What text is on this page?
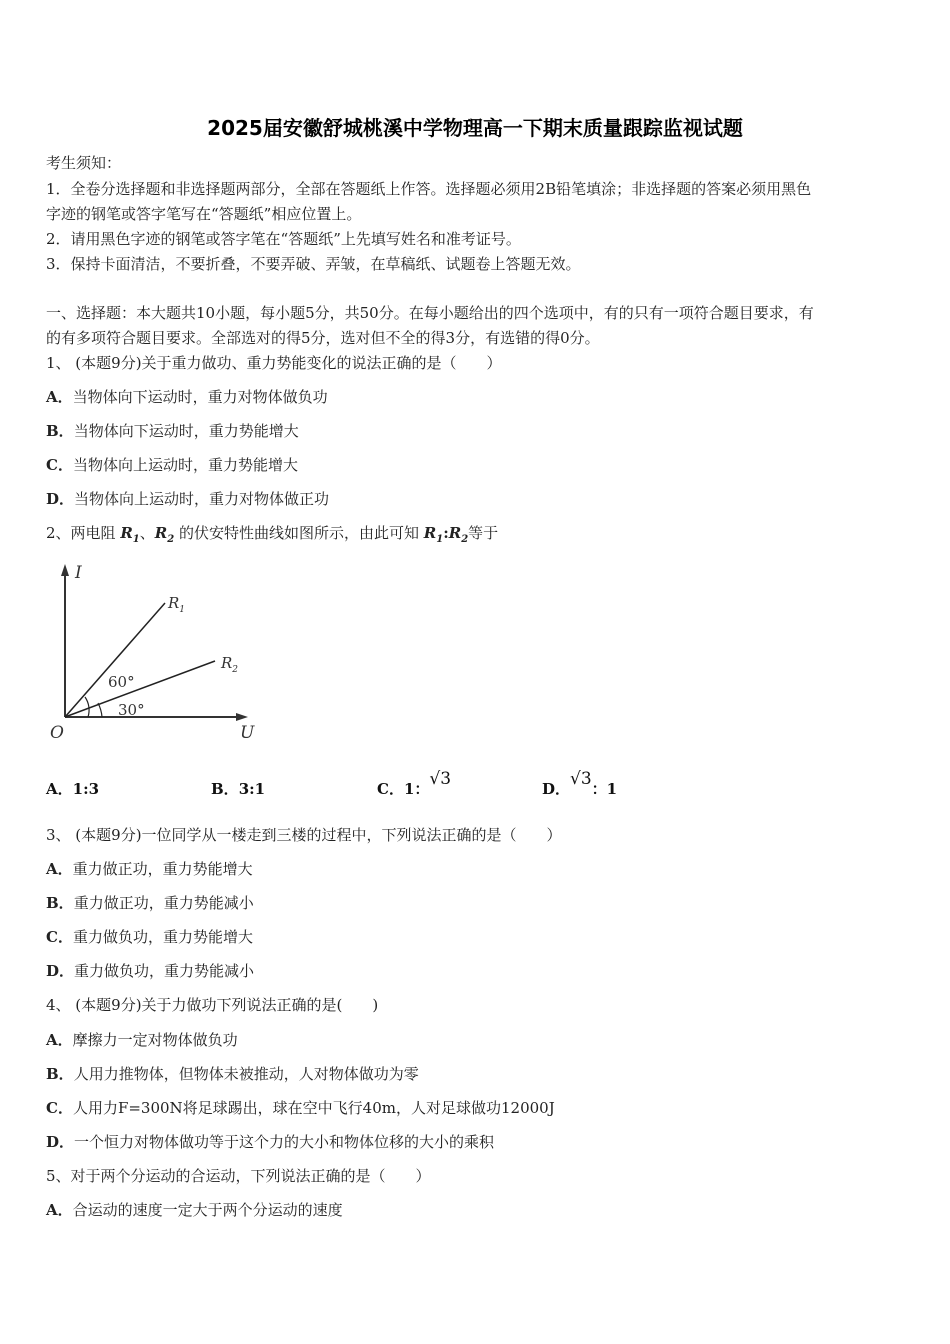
2025届安徽舒城桃溪中学物理高一下期末质量跟踪监视试题
考生须知：
1．全卷分选择题和非选择题两部分，全部在答题纸上作答。选择题必须用2B铅笔填涂；非选择题的答案必须用黑色
字迹的钢笔或答字笔写在“答题纸”相应位置上。
2．请用黑色字迹的钢笔或答字笔在“答题纸”上先填写姓名和准考证号。
3．保持卡面清洁，不要折叠，不要弄破、弄皱，在草稿纸、试题卷上答题无效。
一、选择题：本大题共10小题，每小题5分，共50分。在每小题给出的四个选项中，有的只有一项符合题目要求，有
的有多项符合题目要求。全部选对的得5分，选对但不全的得3分，有选错的得0分。
1、 (本题9分)关于重力做功、重力势能变化的说法正确的是（　　）
A．当物体向下运动时，重力对物体做负功
B．当物体向下运动时，重力势能增大
C．当物体向上运动时，重力势能增大
D．当物体向上运动时，重力对物体做正功
2、两电阻 $R_1$、$R_2$ 的伏安特性曲线如图所示，由此可知 $R_1:R_2$等于
I
U
O
$R_1$
$R_2$
60°
30°
A．1:3	B．3:1	C．1：√3	D．√3：1
3、 (本题9分)一位同学从一楼走到三楼的过程中，下列说法正确的是（　　）
A．重力做正功，重力势能增大
B．重力做正功，重力势能减小
C．重力做负功，重力势能增大
D．重力做负功，重力势能减小
4、 (本题9分)关于力做功下列说法正确的是(　　)
A．摩擦力一定对物体做负功
B．人用力推物体，但物体未被推动，人对物体做功为零
C．人用力F=300N将足球踢出，球在空中飞行40m，人对足球做功12000J
D．一个恒力对物体做功等于这个力的大小和物体位移的大小的乘积
5、对于两个分运动的合运动，下列说法正确的是（　　）
A．合运动的速度一定大于两个分运动的速度
